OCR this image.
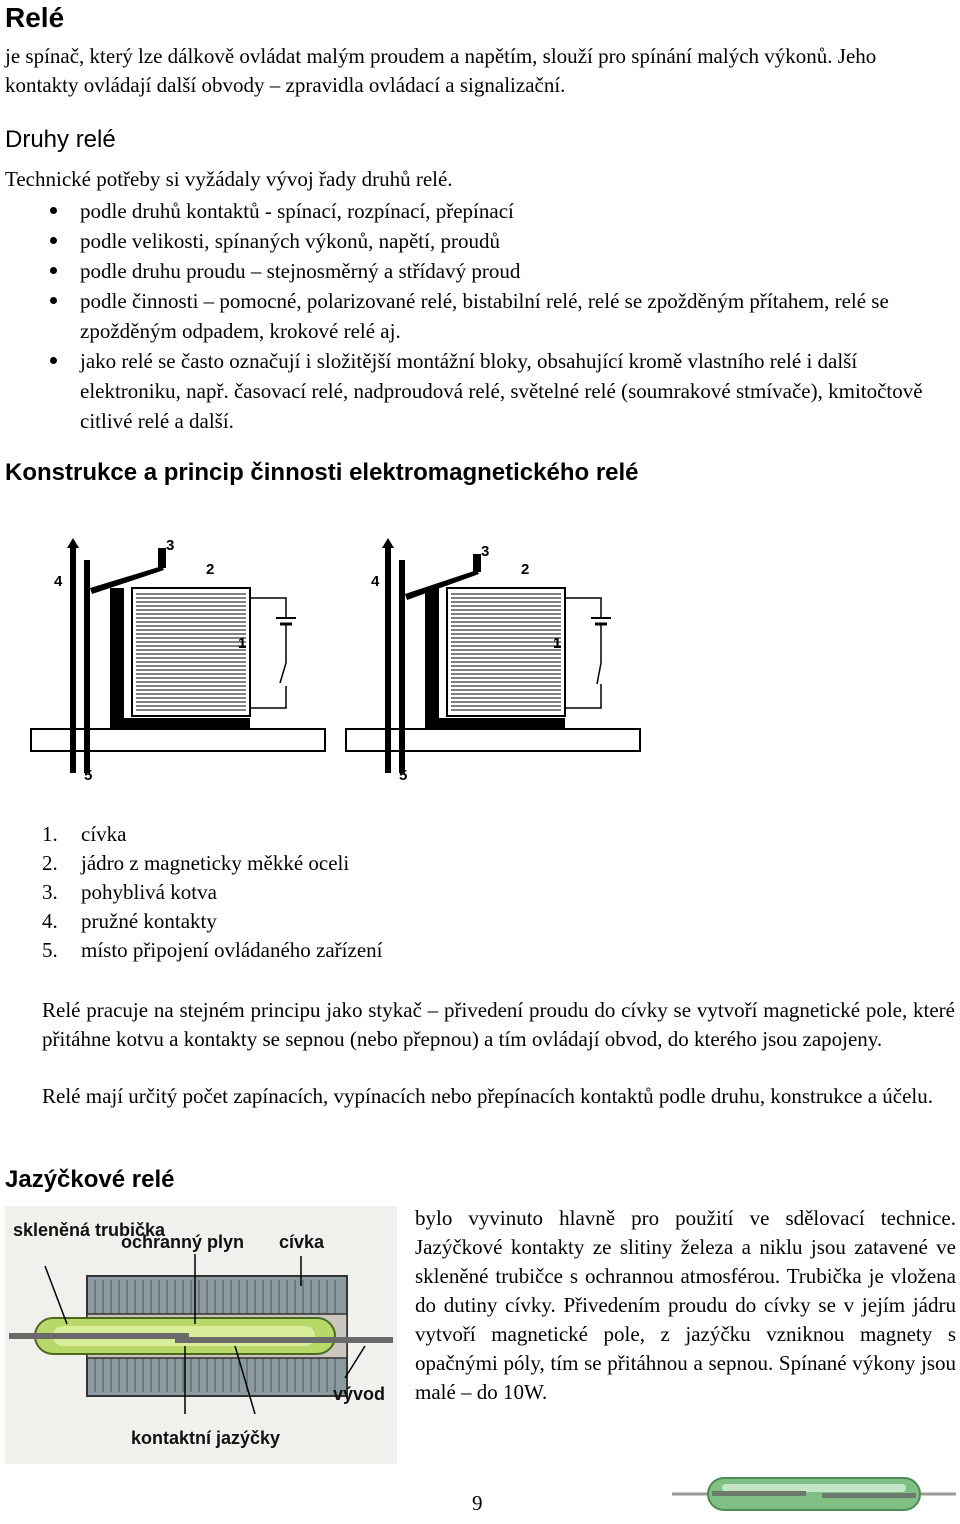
Relé
je spínač, který lze dálkově ovládat malým proudem a napětím, slouží pro spínání malých výkonů. Jeho kontakty ovládají další obvody – zpravidla ovládací a signalizační.
Druhy relé
Technické potřeby si vyžádaly vývoj řady druhů relé.
podle druhů kontaktů - spínací, rozpínací, přepínací
podle velikosti, spínaných výkonů, napětí, proudů
podle druhu proudu – stejnosměrný a střídavý proud
podle činnosti – pomocné, polarizované relé, bistabilní relé, relé se zpožděným přítahem, relé se zpožděným odpadem, krokové relé aj.
jako relé se často označují i složitější montážní bloky, obsahující kromě vlastního relé i další elektroniku, např. časovací relé, nadproudová relé, světelné relé (soumrakové stmívače), kmitočtově citlivé relé a další.
Konstrukce a princip činnosti elektromagnetického relé
4
3
2
1
5
4
3
2
1
5
1.	cívka
2.	jádro z magneticky měkké oceli
3.	pohyblivá kotva
4.	pružné kontakty
5.	místo připojení ovládaného zařízení
Relé pracuje na stejném principu jako stykač – přivedení proudu do cívky se vytvoří magnetické pole, které přitáhne kotvu a kontakty se sepnou (nebo přepnou) a tím ovládají obvod, do kterého jsou zapojeny.
Relé mají určitý počet zapínacích, vypínacích nebo přepínacích kontaktů podle druhu, konstrukce a účelu.
Jazýčkové relé
skleněná trubička
ochranný plyn cívka
vývod
kontaktní jazýčky
bylo vyvinuto hlavně pro použití ve sdělovací technice. Jazýčkové kontakty ze slitiny železa a niklu jsou zatavené ve skleněné trubičce s ochrannou atmosférou. Trubička je vložena do dutiny cívky. Přivedením proudu do cívky se v jejím jádru vytvoří magnetické pole, z jazýčku vzniknou magnety s opačnými póly, tím se přitáhnou a sepnou. Spínané výkony jsou malé – do 10W.
9
